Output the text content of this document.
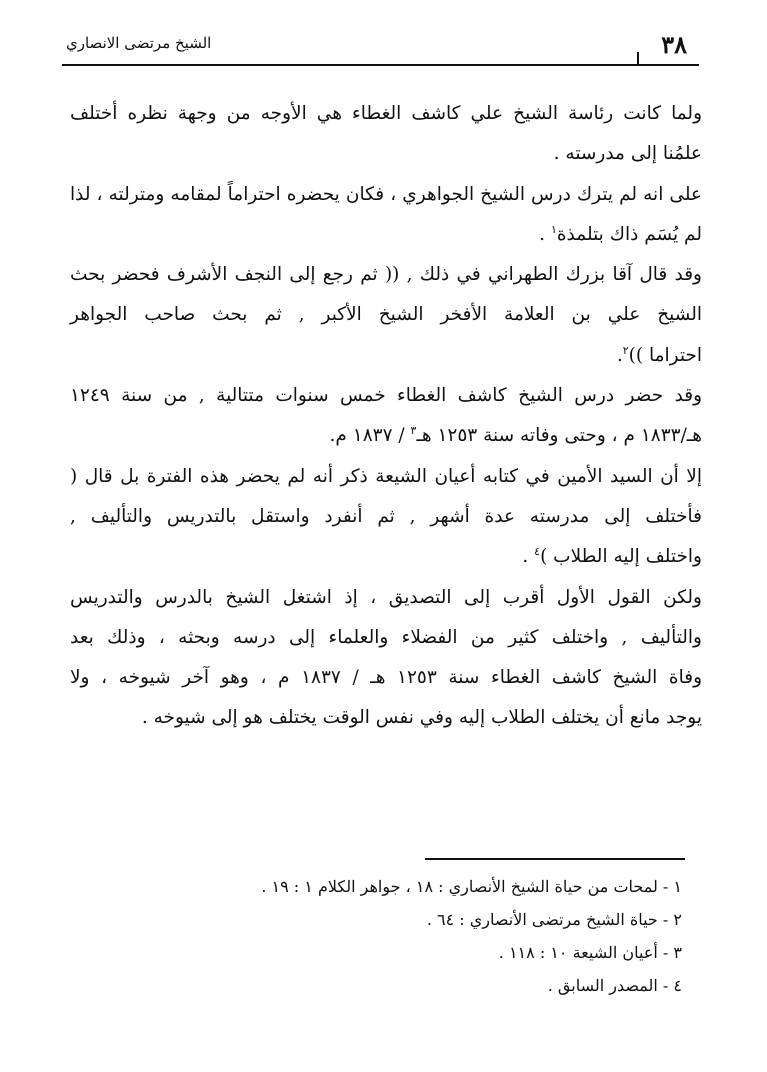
٣٨
الشيخ مرتضى الانصاري
ولما كانت رئاسة الشيخ علي كاشف الغطاء هي الأوجه من وجهة نظره أختلف
علمُنا إلى مدرسته .
على انه لم يترك درس الشيخ الجواهري ، فكان يحضره احتراماً لمقامه ومترلته ، لذا
لم يُسَم ذاك بتلمذة$^١$ .
وقد قال آقا بزرك الطهراني في ذلك , (( ثم رجع إلى النجف الأشرف فحضر بحث
الشيخ علي بن العلامة الأفخر الشيخ الأكبر , ثم بحث صاحب الجواهر
احتراما ))$^٢$.
وقد حضر درس الشيخ كاشف الغطاء خمس سنوات متتالية , من سنة ١٢٤٩
هـ/١٨٣٣ م ، وحتى وفاته سنة ١٢٥٣ هـ$^٣$ / ١٨٣٧ م.
إلا أن السيد الأمين في كتابه أعيان الشيعة ذكر أنه لم يحضر هذه الفترة بل قال (
فأختلف إلى مدرسته عدة أشهر , ثم أنفرد واستقل بالتدريس والتأليف ,
واختلف إليه الطلاب )$^٤$ .
ولكن القول الأول أقرب إلى التصديق ، إذ اشتغل الشيخ بالدرس والتدريس
والتأليف , واختلف كثير من الفضلاء والعلماء إلى درسه وبحثه ، وذلك بعد
وفاة الشيخ كاشف الغطاء سنة ١٢٥٣ هـ / ١٨٣٧ م ، وهو آخر شيوخه ، ولا
يوجد مانع أن يختلف الطلاب إليه وفي نفس الوقت يختلف هو إلى شيوخه .
١ - لمحات من حياة الشيخ الأنصاري : ١٨ ، جواهر الكلام ١ : ١٩ .
٢ - حياة الشيخ مرتضى الأنصاري : ٦٤ .
٣ - أعيان الشيعة ١٠ : ١١٨ .
٤ - المصدر السابق .
